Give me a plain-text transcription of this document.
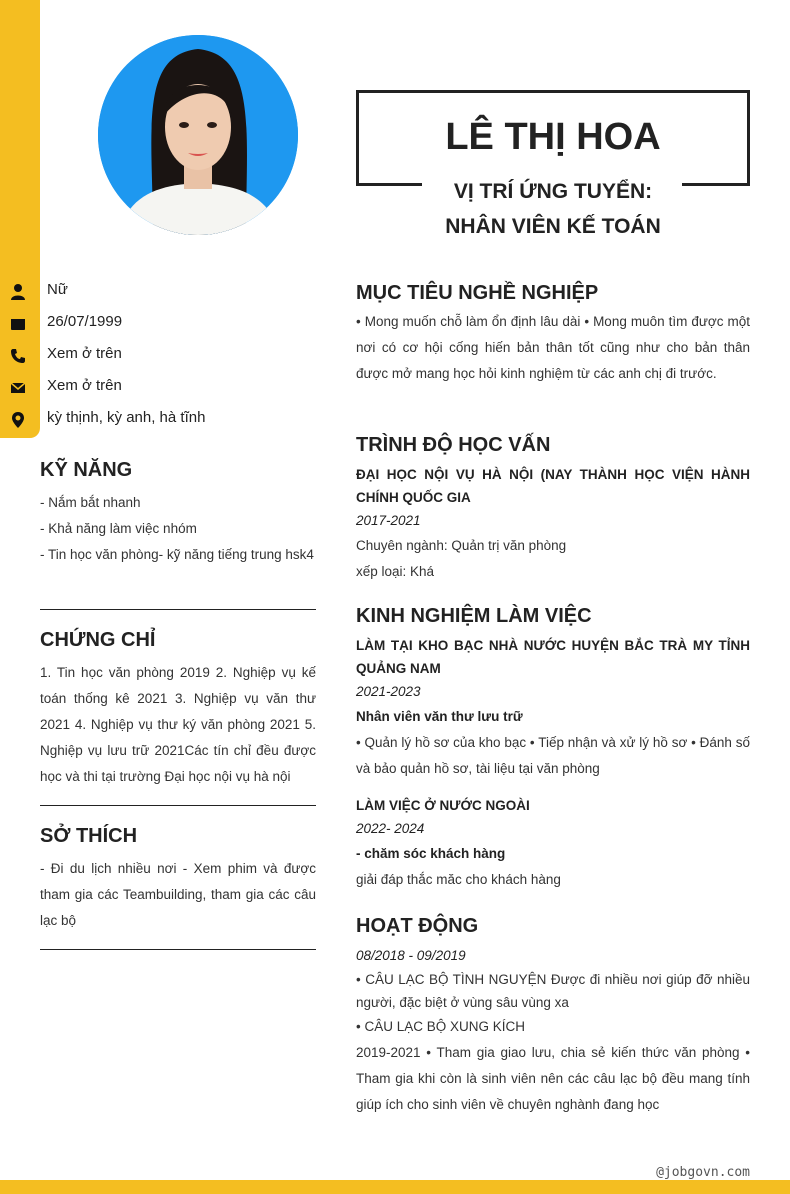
@jobgovn.com
LÊ THỊ HOA
VỊ TRÍ ỨNG TUYỂN:
NHÂN VIÊN KẾ TOÁN
Nữ
26/07/1999
Xem ở trên
Xem ở trên
kỳ thịnh, kỳ anh, hà tĩnh
KỸ NĂNG

- Nắm bắt nhanh

- Khả năng làm việc nhóm

- Tin học văn phòng- kỹ năng tiếng trung hsk4

CHỨNG CHỈ

1. Tin học văn phòng 2019 2. Nghiệp vụ kế toán thống kê 2021 3. Nghiệp vụ văn thư 2021 4. Nghiệp vụ thư ký văn phòng 2021 5. Nghiệp vụ lưu trữ 2021Các tín chỉ đều được học và thi tại trường Đại học nội vụ hà nội

SỞ THÍCH

- Đi du lịch nhiều nơi - Xem phim và được tham gia các Teambuilding, tham gia các câu lạc bộ

MỤC TIÊU NGHỀ NGHIỆP

• Mong muốn chỗ làm ổn định lâu dài • Mong muôn tìm được một nơi có cơ hội cống hiến bản thân tốt cũng như cho bản thân được mở mang học hỏi kinh nghiệm từ các anh chị đi trước.

TRÌNH ĐỘ HỌC VẤN

ĐẠI HỌC NỘI VỤ HÀ NỘI (NAY THÀNH HỌC VIỆN HÀNH CHÍNH QUỐC GIA

2017-2021

Chuyên ngành: Quản trị văn phòng

xếp loại: Khá

KINH NGHIỆM LÀM VIỆC

LÀM TẠI KHO BẠC NHÀ NƯỚC HUYỆN BẮC TRÀ MY TỈNH QUẢNG NAM

2021-2023

Nhân viên văn thư lưu trữ

• Quản lý hồ sơ của kho bạc • Tiếp nhận và xử lý hồ sơ • Đánh số và bảo quản hồ sơ, tài liệu tại văn phòng

LÀM VIỆC Ở NƯỚC NGOÀI

2022- 2024

- chăm sóc khách hàng

giải đáp thắc măc cho khách hàng

HOẠT ĐỘNG

08/2018 - 09/2019

• CÂU LẠC BỘ TÌNH NGUYỆN Được đi nhiều nơi giúp đỡ nhiều người, đặc biệt ở vùng sâu vùng xa

• CÂU LẠC BỘ XUNG KÍCH

2019-2021 • Tham gia giao lưu, chia sẻ kiến thức văn phòng • Tham gia khi còn là sinh viên nên các câu lạc bộ đều mang tính giúp ích cho sinh viên về chuyên nghành đang học
